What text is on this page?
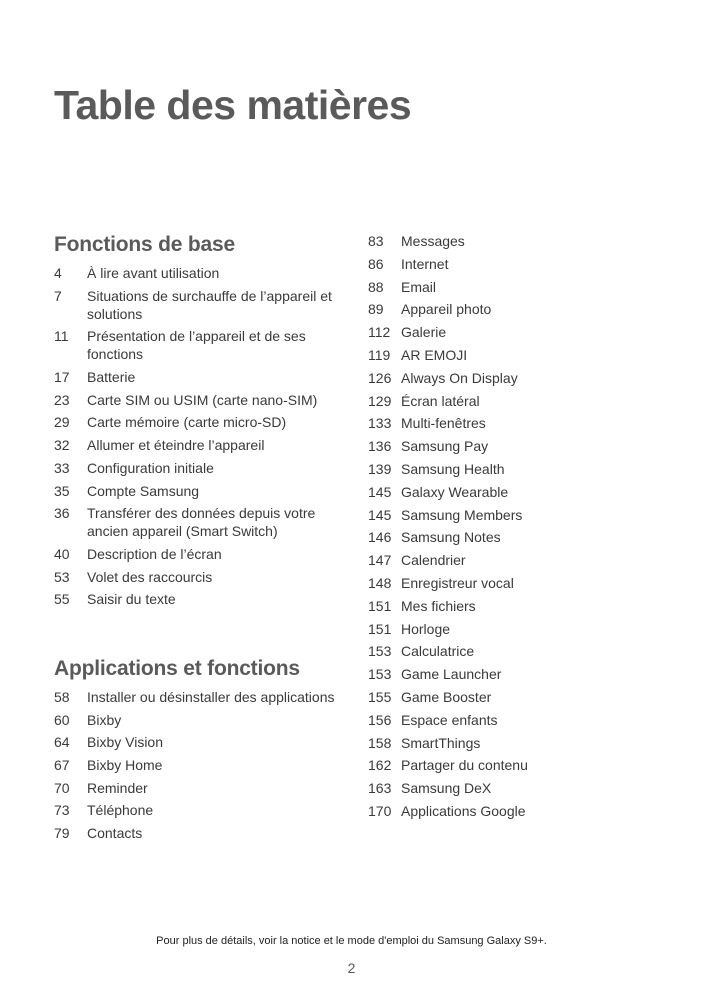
Table des matières
Fonctions de base
4	À lire avant utilisation
7	Situations de surchauffe de l’appareil et solutions
11	Présentation de l’appareil et de ses fonctions
17	Batterie
23	Carte SIM ou USIM (carte nano-SIM)
29	Carte mémoire (carte micro-SD)
32	Allumer et éteindre l’appareil
33	Configuration initiale
35	Compte Samsung
36	Transférer des données depuis votre ancien appareil (Smart Switch)
40	Description de l’écran
53	Volet des raccourcis
55	Saisir du texte
Applications et fonctions
58	Installer ou désinstaller des applications
60	Bixby
64	Bixby Vision
67	Bixby Home
70	Reminder
73	Téléphone
79	Contacts
83	Messages
86	Internet
88	Email
89	Appareil photo
112 Galerie
119 AR EMOJI
126 Always On Display
129 Écran latéral
133 Multi-fenêtres
136 Samsung Pay
139 Samsung Health
145 Galaxy Wearable
145 Samsung Members
146 Samsung Notes
147 Calendrier
148 Enregistreur vocal
151 Mes fichiers
151 Horloge
153 Calculatrice
153 Game Launcher
155 Game Booster
156 Espace enfants
158 SmartThings
162 Partager du contenu
163 Samsung DeX
170 Applications Google

Pour plus de détails, voir la notice et le mode d'emploi du Samsung Galaxy S9+.

2
